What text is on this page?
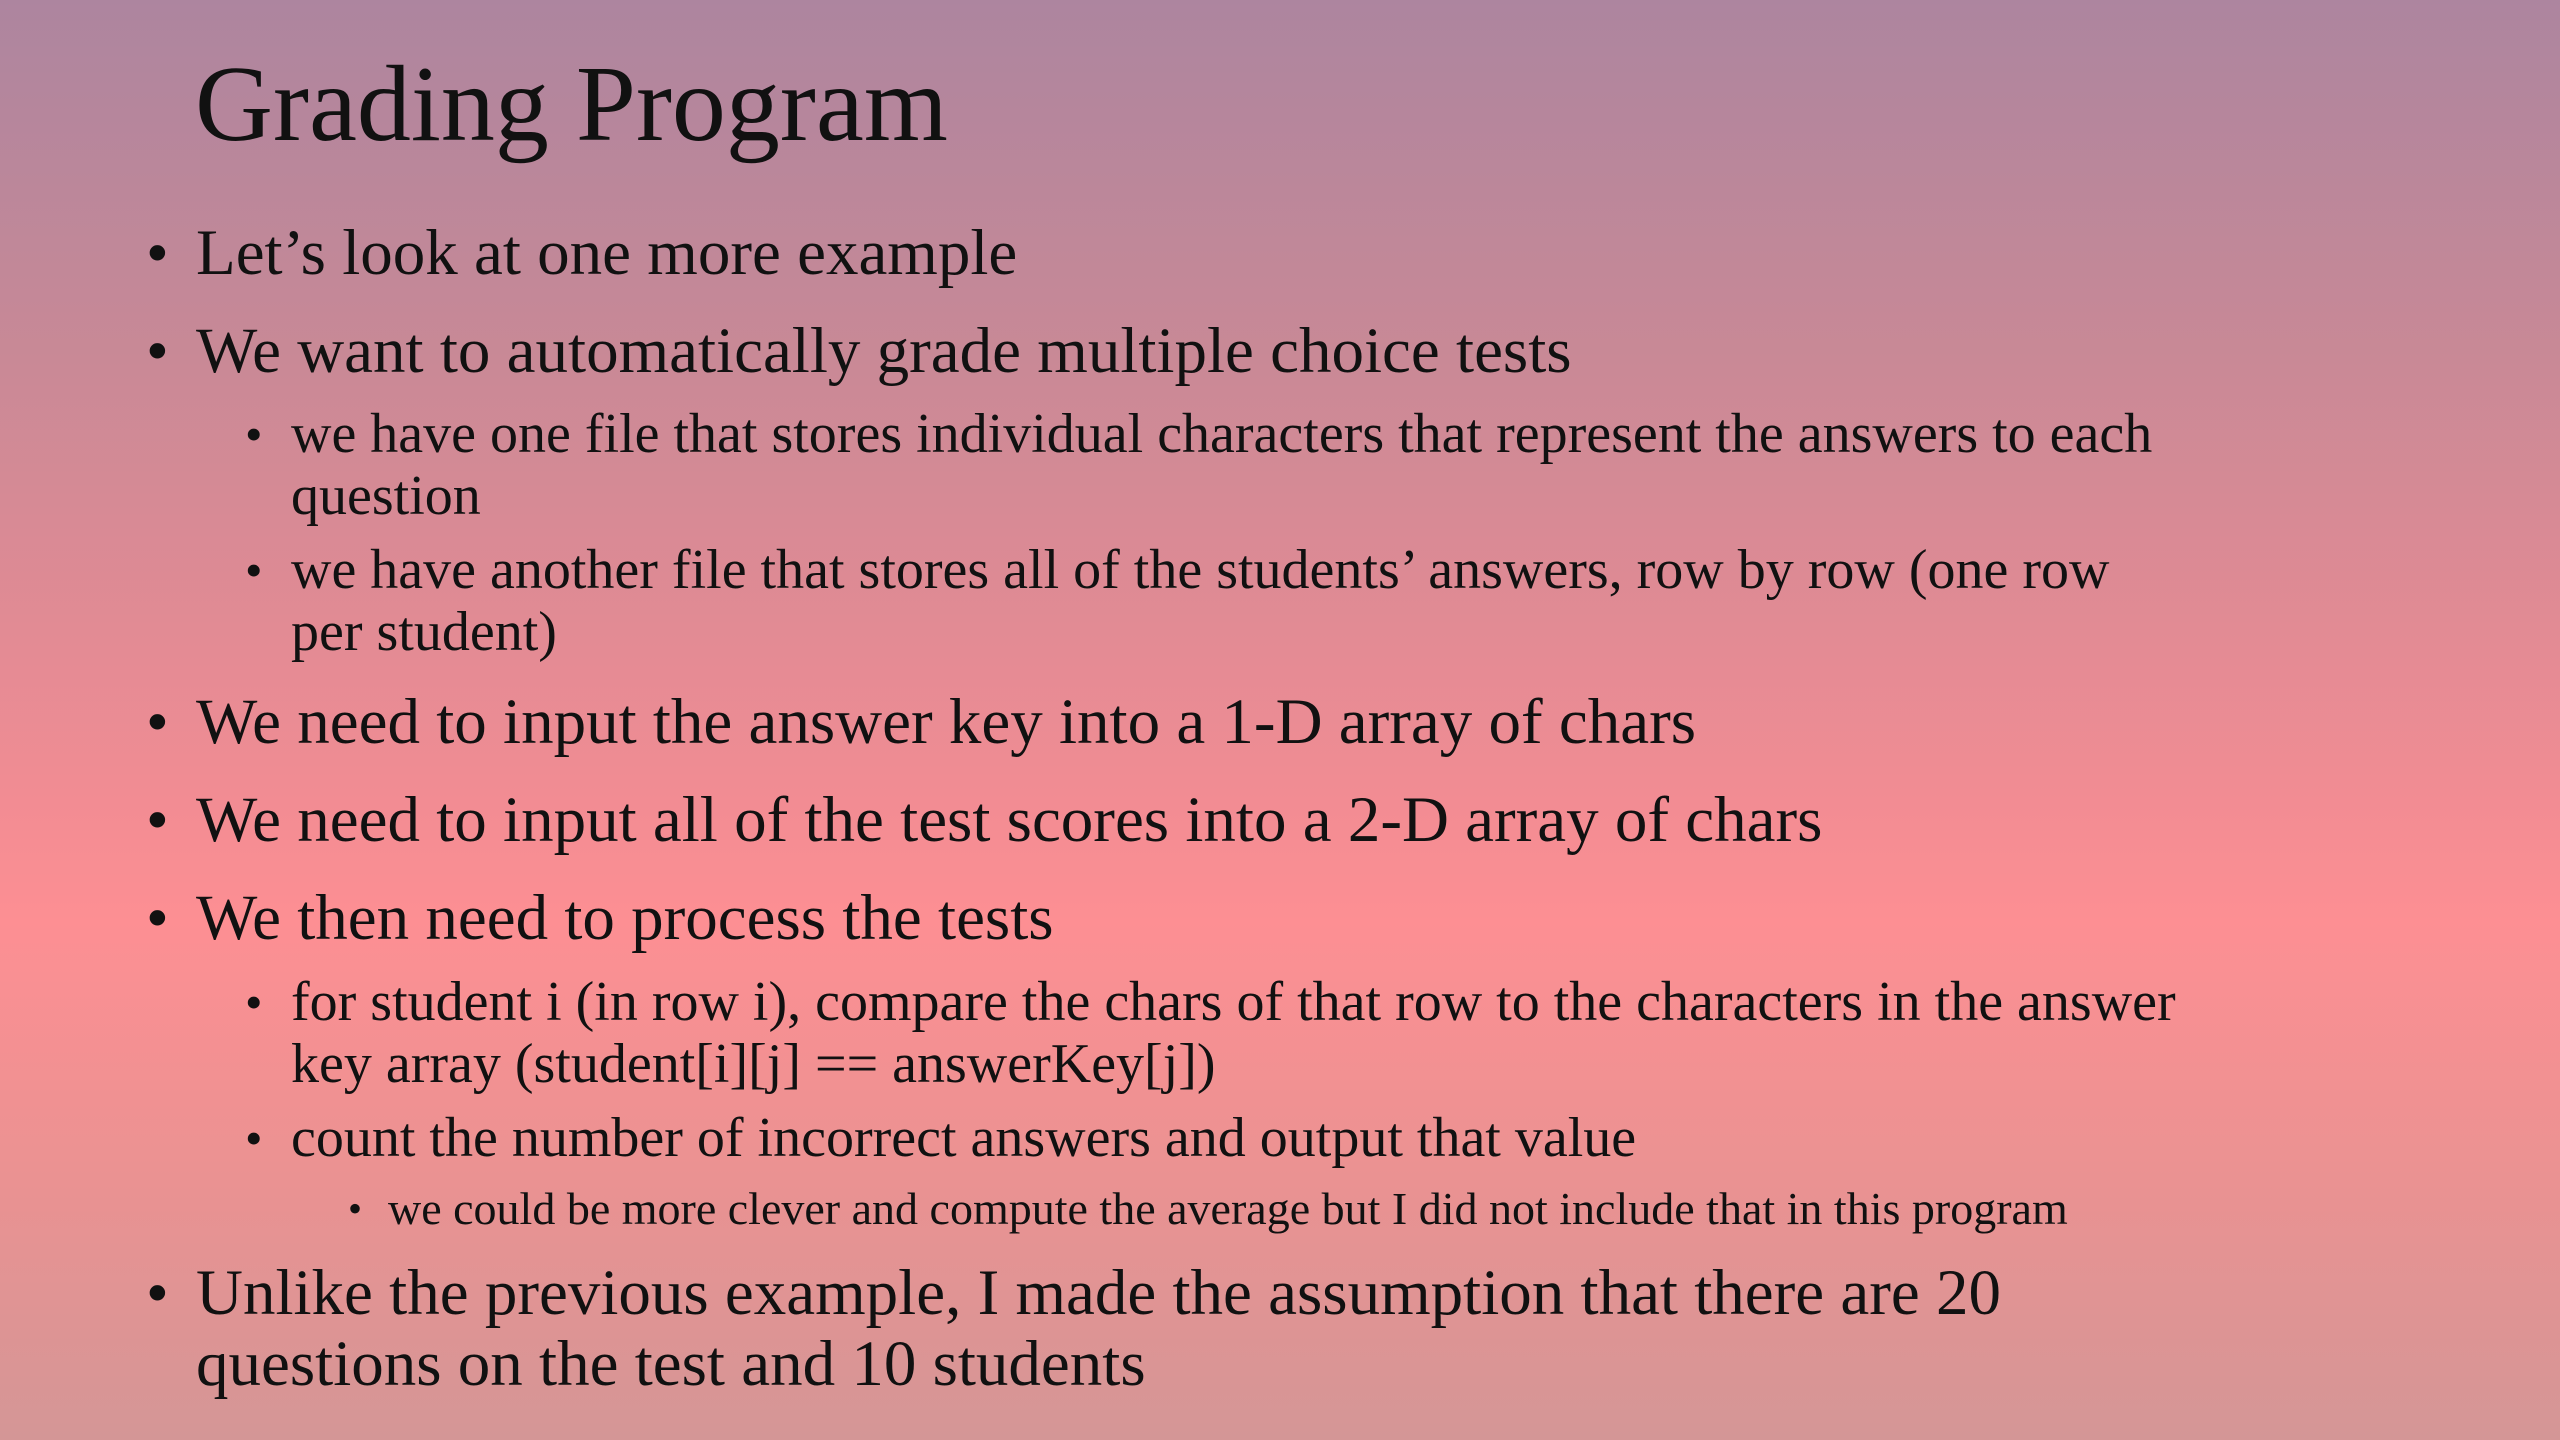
Grading Program
• Let’s look at one more example
• We want to automatically grade multiple choice tests
• we have one file that stores individual characters that represent the answers to each
question
• we have another file that stores all of the students’ answers, row by row (one row
per student)
• We need to input the answer key into a 1-D array of chars
• We need to input all of the test scores into a 2-D array of chars
• We then need to process the tests
• for student i (in row i), compare the chars of that row to the characters in the answer
key array (student[i][j] == answerKey[j])
• count the number of incorrect answers and output that value
• we could be more clever and compute the average but I did not include that in this program
• Unlike the previous example, I made the assumption that there are 20
questions on the test and 10 students
